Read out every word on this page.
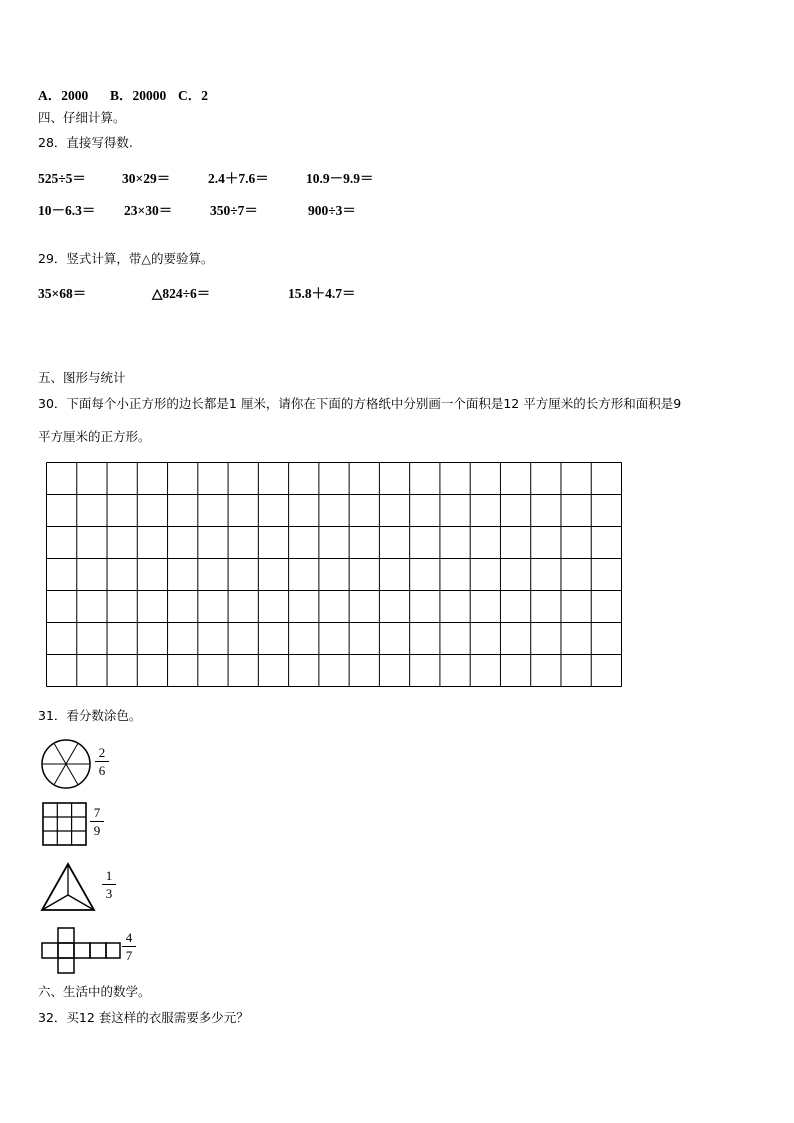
A．2000 B．20000 C．2
四、仔细计算。
28．直接写得数.
525÷5＝	30×29＝	2.4＋7.6＝	10.9－9.9＝
10－6.3＝ 23×30＝	350÷7＝	900÷3＝
29．竖式计算，带△的要验算。
35×68＝	△824÷6＝	15.8＋4.7＝
五、图形与统计
30．下面每个小正方形的边长都是1 厘米，请你在下面的方格纸中分别画一个面积是12 平方厘米的长方形和面积是9
平方厘米的正方形。
31．看分数涂色。
2
6
7
9
1
3
4
7
六、生活中的数学。
32．买12 套这样的衣服需要多少元？
